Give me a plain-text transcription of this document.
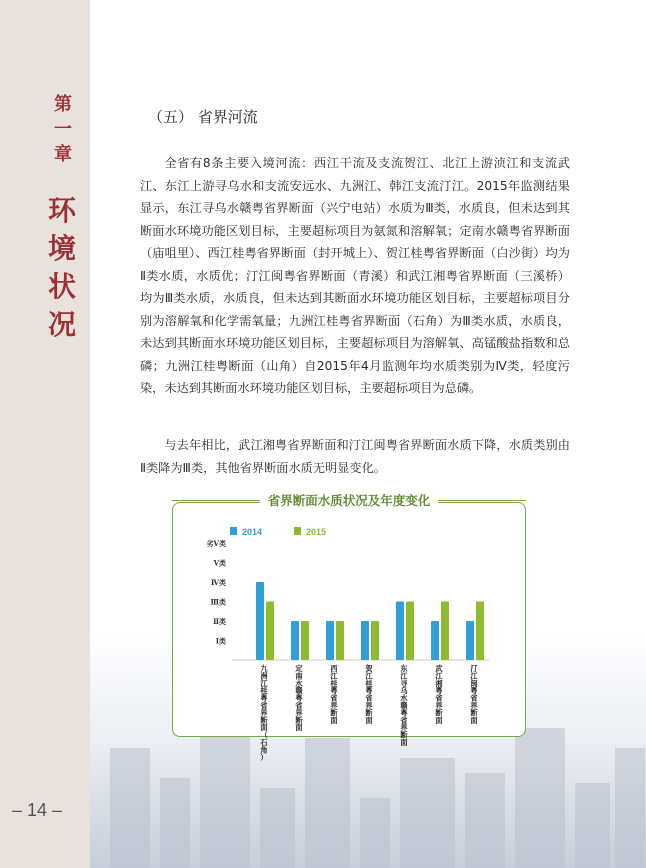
第一章
环境状况
– 14 –
（五） 省界河流
全省有8条主要入境河流：西江干流及支流贺江、北江上游浈江和支流武江、东江上游寻乌水和支流安远水、九洲江、韩江支流汀江。2015年监测结果显示，东江寻乌水赣粤省界断面（兴宁电站）水质为Ⅲ类，水质良，但未达到其断面水环境功能区划目标，主要超标项目为氨氮和溶解氧；定南水赣粤省界断面（庙咀里）、西江桂粤省界断面（封开城上）、贺江桂粤省界断面（白沙街）均为Ⅱ类水质，水质优；汀江闽粤省界断面（青溪）和武江湘粤省界断面（三溪桥）均为Ⅲ类水质，水质良，但未达到其断面水环境功能区划目标，主要超标项目分别为溶解氧和化学需氧量；九洲江桂粤省界断面（石角）为Ⅲ类水质，水质良，未达到其断面水环境功能区划目标，主要超标项目为溶解氧、高锰酸盐指数和总磷；九洲江桂粤断面（山角）自2015年4月监测年均水质类别为Ⅳ类，轻度污染，未达到其断面水环境功能区划目标，主要超标项目为总磷。
与去年相比，武江湘粤省界断面和汀江闽粤省界断面水质下降，水质类别由Ⅱ类降为Ⅲ类，其他省界断面水质无明显变化。
省界断面水质状况及年度变化
2014	2015
Ⅰ类
Ⅱ类
Ⅲ类
Ⅳ类
Ⅴ类
劣Ⅴ类
九洲江桂粤省界断面（石角）
定南水赣粤省界断面
西江桂粤省界断面
贺江桂粤省界断面
东江寻乌水赣粤省界断面
武江湘粤省界断面
汀江闽粤省界断面
